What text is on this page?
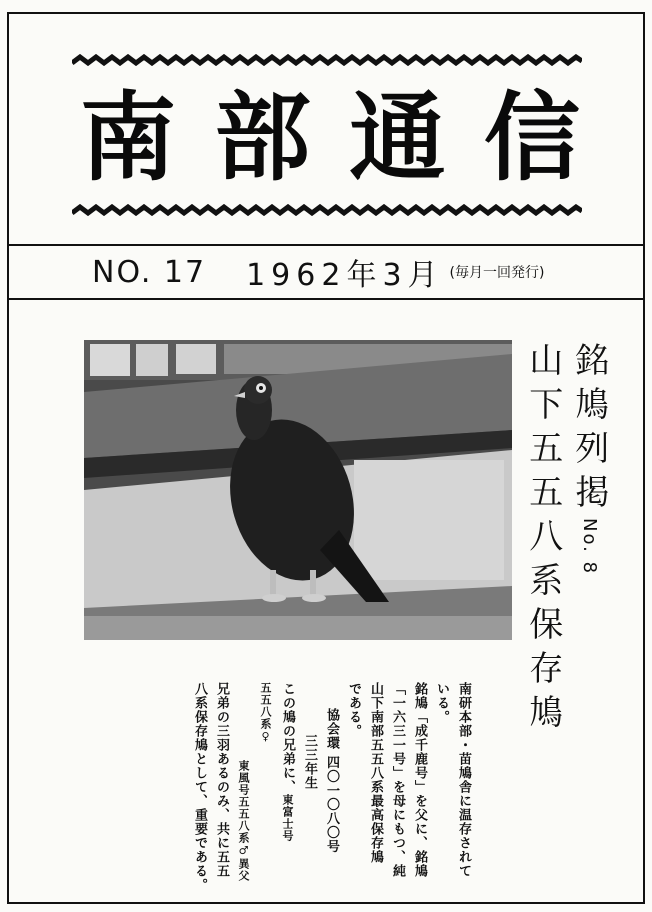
南 部 通 信
NO. 17 1962年3月 (毎月一回発行)
銘鳩列掲No. 8
山下五五八系保存鳩

南研本部・苗鳩舎に温存されて

いる。

銘鳩「成千鹿号」を父に、銘鳩

「一六三一号」を母にもつ、純

山下南部五五八系最高保存鳩

である。

協会環 四〇一〇八〇号

三三年生

この鳩の兄弟に、東富士号五五八系♀

東風号五五八系♂異父

兄弟の三羽あるのみ、共に五五

八系保存鳩として、重要である。
